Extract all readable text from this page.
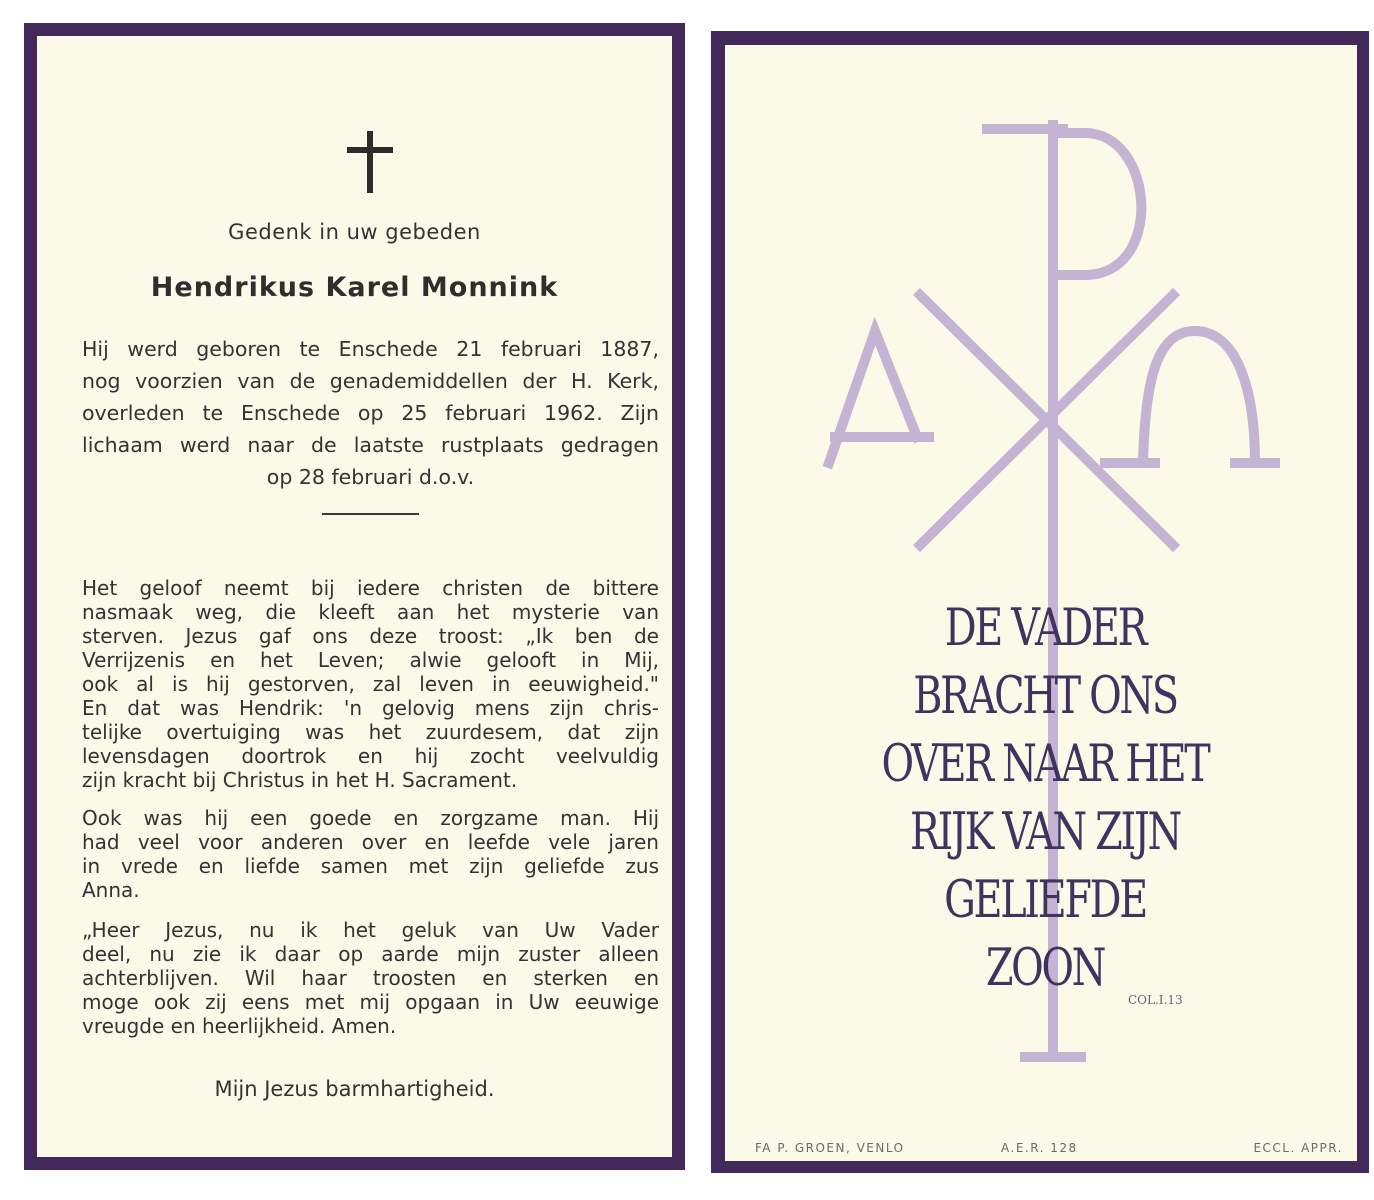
Gedenk in uw gebeden
Hendrikus Karel Monnink
Hij werd geboren te Enschede 21 februari 1887,
nog voorzien van de genademiddellen der H. Kerk,
overleden te Enschede op 25 februari 1962. Zijn
lichaam werd naar de laatste rustplaats gedragen
op 28 februari d.o.v.
Het geloof neemt bij iedere christen de bittere
nasmaak weg, die kleeft aan het mysterie van
sterven. Jezus gaf ons deze troost: „Ik ben de
Verrijzenis en het Leven; alwie gelooft in Mij,
ook al is hij gestorven, zal leven in eeuwigheid."
En dat was Hendrik: 'n gelovig mens zijn chris-
telijke overtuiging was het zuurdesem, dat zijn
levensdagen doortrok en hij zocht veelvuldig
zijn kracht bij Christus in het H. Sacrament.
Ook was hij een goede en zorgzame man. Hij
had veel voor anderen over en leefde vele jaren
in vrede en liefde samen met zijn geliefde zus
Anna.
„Heer Jezus, nu ik het geluk van Uw Vader
deel, nu zie ik daar op aarde mijn zuster alleen
achterblijven. Wil haar troosten en sterken en
moge ook zij eens met mij opgaan in Uw eeuwige
vreugde en heerlijkheid. Amen.
Mijn Jezus barmhartigheid.
DE VADER
BRACHT ONS
OVER NAAR HET
RIJK VAN ZIJN
GELIEFDE
ZOON
COL.I.13
FA P. GROEN, VENLO	A.E.R. 128	ECCL. APPR.
